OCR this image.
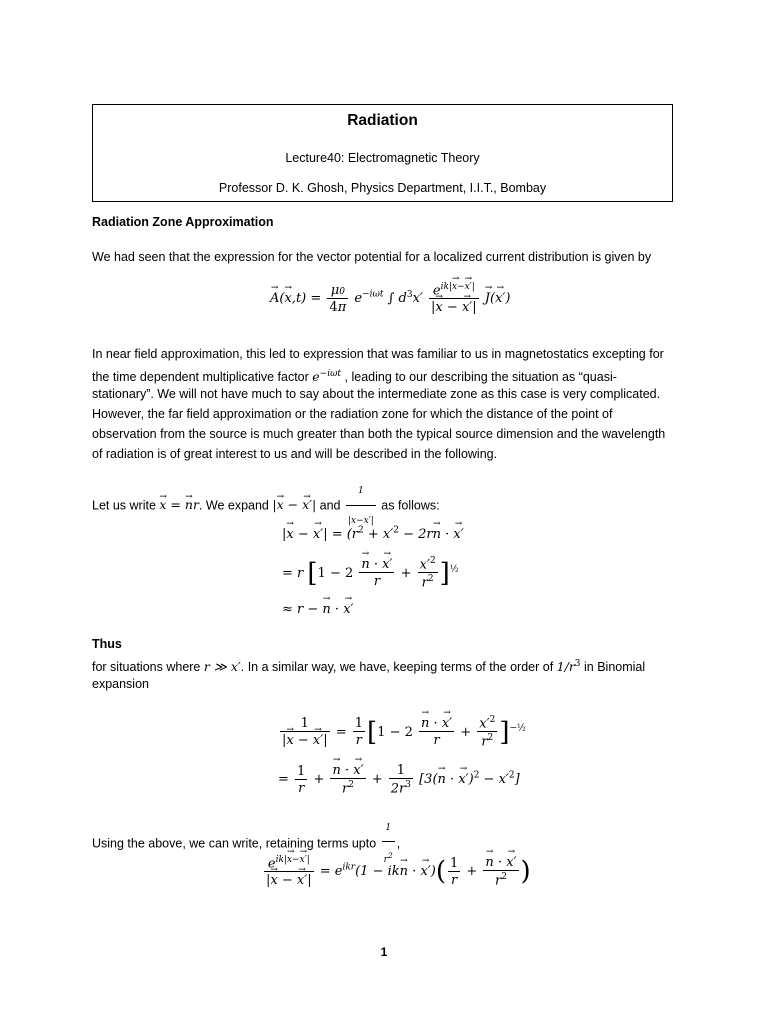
Radiation
Lecture40: Electromagnetic Theory
Professor D. K. Ghosh, Physics Department, I.I.T., Bombay
Radiation Zone Approximation
We had seen that the expression for the vector potential for a localized current distribution is given by
→ $A(\to x,t) = \frac{\mu 0}{4\pi} e^{-i\omega t}$ ∫ $d^3x' \frac{e^{ik|\to x-\to x'|}}{|\to x - \to x'|}$
→ J(→ x′)
In near field approximation, this led to expression that was familiar to us in magnetostatics excepting for
the time dependent multiplicative factor $e^{-i\omega t}$ , leading to our describing the situation as “quasi-
stationary”. We will not have much to say about the intermediate zone as this case is very complicated.
However, the far field approximation or the radiation zone for which the distance of the point of
observation from the source is much greater than both the typical source dimension and the wavelength
of radiation is of great interest to us and will be described in the following.
Let us write → x = → nr. We expand |→ x − → x′| and $\frac{1}{|x-x'|}$ as follows:
|→ x − → $x'| = (r^2 + x'^2 - 2r\to n$ · → x′
= r [1 − 2
→ $\frac{n \cdot \to x'}{r} + \frac{x'^2}{r^2} ]^{\frac{1}{2}}$
≈ r − → n · → x′
Thus
for situations where r ≫ x′. In a similar way, we have, keeping terms of the order of $1/r^3$ in Binomial
expansion
$\frac{1}{|\to x - \to x'|} = \frac{1}{r} [1 - 2$
→ $\frac{n \cdot \to x'}{r} + \frac{x'^2}{r^2} ]^{-\frac{1}{2}}$
= $\frac{1}{r}$ +
→ $\frac{n \cdot \to x'}{r^2} + \frac{1}{2r^3} [3(\to n$ · → $x')^2 - x'^2$]
Using the above, we can write, retaining terms upto $\frac{1}{r^2}$ ,
$\frac{e^{ik|\to x-\to x'|}}{|\to x - \to x'|} = e^{ikr}(1 - ik\to n$ · → $x')( \frac{1}{r}$ +
→ $\frac{n \cdot \to x'}{r^2}$ )
1
